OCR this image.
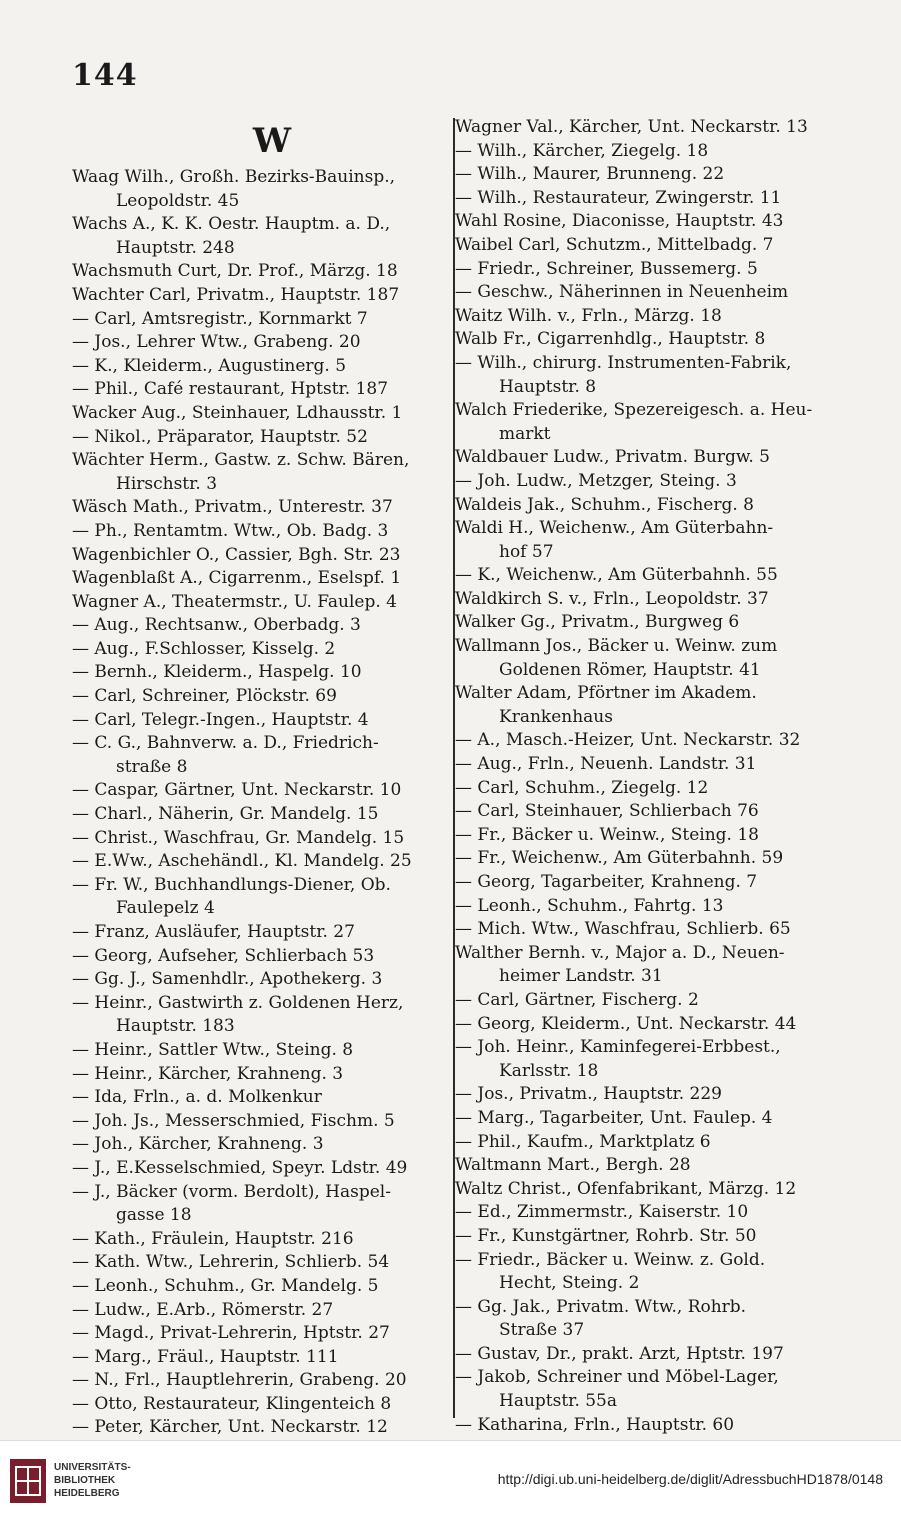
144
W
Waag Wilh., Großh. Bezirks-Bauinsp.,
Leopoldstr. 45
Wachs A., K. K. Oestr. Hauptm. a. D.,
Hauptstr. 248
Wachsmuth Curt, Dr. Prof., Märzg. 18
Wachter Carl, Privatm., Hauptstr. 187
— Carl, Amtsregistr., Kornmarkt 7
— Jos., Lehrer Wtw., Grabeng. 20
— K., Kleiderm., Augustinerg. 5
— Phil., Café restaurant, Hptstr. 187
Wacker Aug., Steinhauer, Ldhausstr. 1
— Nikol., Präparator, Hauptstr. 52
Wächter Herm., Gastw. z. Schw. Bären,
Hirschstr. 3
Wäsch Math., Privatm., Unterestr. 37
— Ph., Rentamtm. Wtw., Ob. Badg. 3
Wagenbichler O., Cassier, Bgh. Str. 23
Wagenblaßt A., Cigarrenm., Eselspf. 1
Wagner A., Theatermstr., U. Faulep. 4
— Aug., Rechtsanw., Oberbadg. 3
— Aug., F.Schlosser, Kisselg. 2
— Bernh., Kleiderm., Haspelg. 10
— Carl, Schreiner, Plöckstr. 69
— Carl, Telegr.-Ingen., Hauptstr. 4
— C. G., Bahnverw. a. D., Friedrich-
straße 8
— Caspar, Gärtner, Unt. Neckarstr. 10
— Charl., Näherin, Gr. Mandelg. 15
— Christ., Waschfrau, Gr. Mandelg. 15
— E.Ww., Aschehändl., Kl. Mandelg. 25
— Fr. W., Buchhandlungs-Diener, Ob.
Faulepelz 4
— Franz, Ausläufer, Hauptstr. 27
— Georg, Aufseher, Schlierbach 53
— Gg. J., Samenhdlr., Apothekerg. 3
— Heinr., Gastwirth z. Goldenen Herz,
Hauptstr. 183
— Heinr., Sattler Wtw., Steing. 8
— Heinr., Kärcher, Krahneng. 3
— Ida, Frln., a. d. Molkenkur
— Joh. Js., Messerschmied, Fischm. 5
— Joh., Kärcher, Krahneng. 3
— J., E.Kesselschmied, Speyr. Ldstr. 49
— J., Bäcker (vorm. Berdolt), Haspel-
gasse 18
— Kath., Fräulein, Hauptstr. 216
— Kath. Wtw., Lehrerin, Schlierb. 54
— Leonh., Schuhm., Gr. Mandelg. 5
— Ludw., E.Arb., Römerstr. 27
— Magd., Privat-Lehrerin, Hptstr. 27
— Marg., Fräul., Hauptstr. 111
— N., Frl., Hauptlehrerin, Grabeng. 20
— Otto, Restaurateur, Klingenteich 8
— Peter, Kärcher, Unt. Neckarstr. 12
Wagner Val., Kärcher, Unt. Neckarstr. 13
— Wilh., Kärcher, Ziegelg. 18
— Wilh., Maurer, Brunneng. 22
— Wilh., Restaurateur, Zwingerstr. 11
Wahl Rosine, Diaconisse, Hauptstr. 43
Waibel Carl, Schutzm., Mittelbadg. 7
— Friedr., Schreiner, Bussemerg. 5
— Geschw., Näherinnen in Neuenheim
Waitz Wilh. v., Frln., Märzg. 18
Walb Fr., Cigarrenhdlg., Hauptstr. 8
— Wilh., chirurg. Instrumenten-Fabrik,
Hauptstr. 8
Walch Friederike, Spezereigesch. a. Heu-
markt
Waldbauer Ludw., Privatm. Burgw. 5
— Joh. Ludw., Metzger, Steing. 3
Waldeis Jak., Schuhm., Fischerg. 8
Waldi H., Weichenw., Am Güterbahn-
hof 57
— K., Weichenw., Am Güterbahnh. 55
Waldkirch S. v., Frln., Leopoldstr. 37
Walker Gg., Privatm., Burgweg 6
Wallmann Jos., Bäcker u. Weinw. zum
Goldenen Römer, Hauptstr. 41
Walter Adam, Pförtner im Akadem.
Krankenhaus
— A., Masch.-Heizer, Unt. Neckarstr. 32
— Aug., Frln., Neuenh. Landstr. 31
— Carl, Schuhm., Ziegelg. 12
— Carl, Steinhauer, Schlierbach 76
— Fr., Bäcker u. Weinw., Steing. 18
— Fr., Weichenw., Am Güterbahnh. 59
— Georg, Tagarbeiter, Krahneng. 7
— Leonh., Schuhm., Fahrtg. 13
— Mich. Wtw., Waschfrau, Schlierb. 65
Walther Bernh. v., Major a. D., Neuen-
heimer Landstr. 31
— Carl, Gärtner, Fischerg. 2
— Georg, Kleiderm., Unt. Neckarstr. 44
— Joh. Heinr., Kaminfegerei-Erbbest.,
Karlsstr. 18
— Jos., Privatm., Hauptstr. 229
— Marg., Tagarbeiter, Unt. Faulep. 4
— Phil., Kaufm., Marktplatz 6
Waltmann Mart., Bergh. 28
Waltz Christ., Ofenfabrikant, Märzg. 12
— Ed., Zimmermstr., Kaiserstr. 10
— Fr., Kunstgärtner, Rohrb. Str. 50
— Friedr., Bäcker u. Weinw. z. Gold.
Hecht, Steing. 2
— Gg. Jak., Privatm. Wtw., Rohrb.
Straße 37
— Gustav, Dr., prakt. Arzt, Hptstr. 197
— Jakob, Schreiner und Möbel-Lager,
Hauptstr. 55a
— Katharina, Frln., Hauptstr. 60
UNIVERSITÄTS-
BIBLIOTHEK
HEIDELBERG
http://digi.ub.uni-heidelberg.de/diglit/AdressbuchHD1878/0148
